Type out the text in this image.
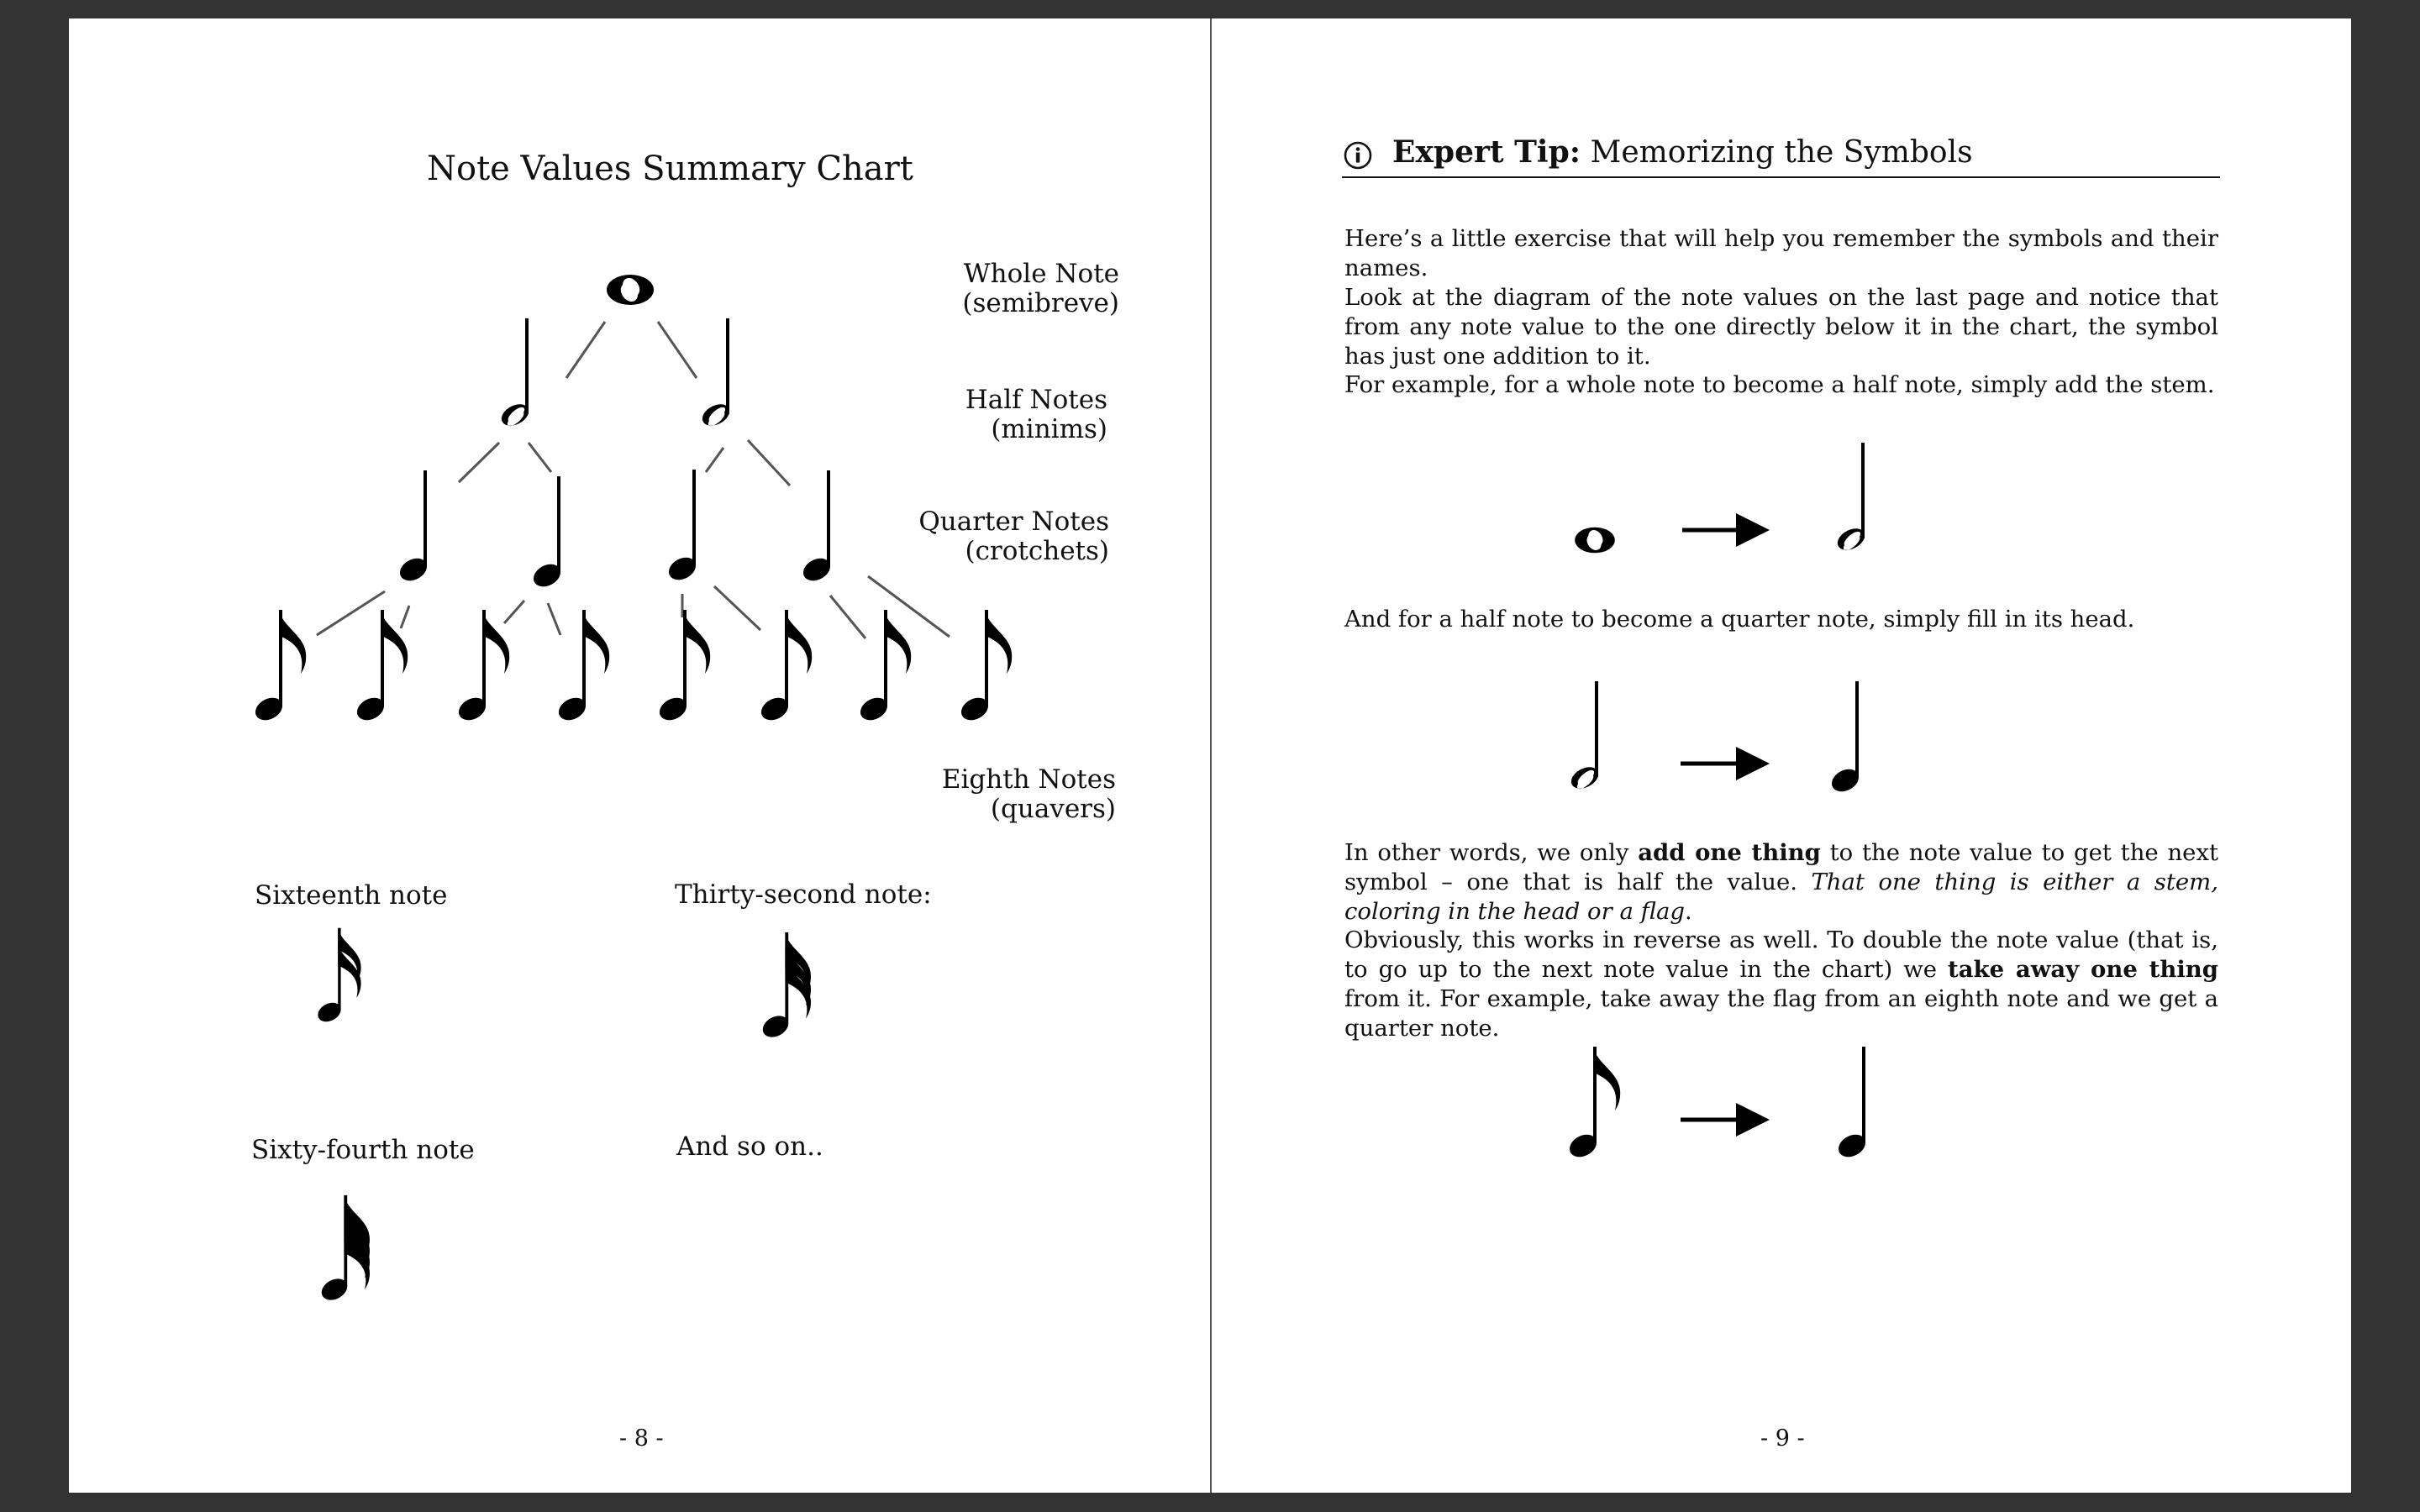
Note Values Summary Chart
Whole Note
(semibreve)
Half Notes
(minims)
Quarter Notes
(crotchets)
Eighth Notes
(quavers)
Sixteenth note	Thirty-second note:
Sixty-fourth note	And so on..
- 8 -
Expert Tip: Memorizing the Symbols
Here’s a little exercise that will help you remember the symbols and their names.
Look at the diagram of the note values on the last page and notice that from any note value to the one directly below it in the chart, the symbol has just one addition to it.
For example, for a whole note to become a half note, simply add the stem.
And for a half note to become a quarter note, simply fill in its head.
In other words, we only add one thing to the note value to get the next symbol – one that is half the value. That one thing is either a stem, coloring in the head or a flag.
Obviously, this works in reverse as well. To double the note value (that is, to go up to the next note value in the chart) we take away one thing from it. For example, take away the flag from an eighth note and we get a quarter note.
- 9 -
